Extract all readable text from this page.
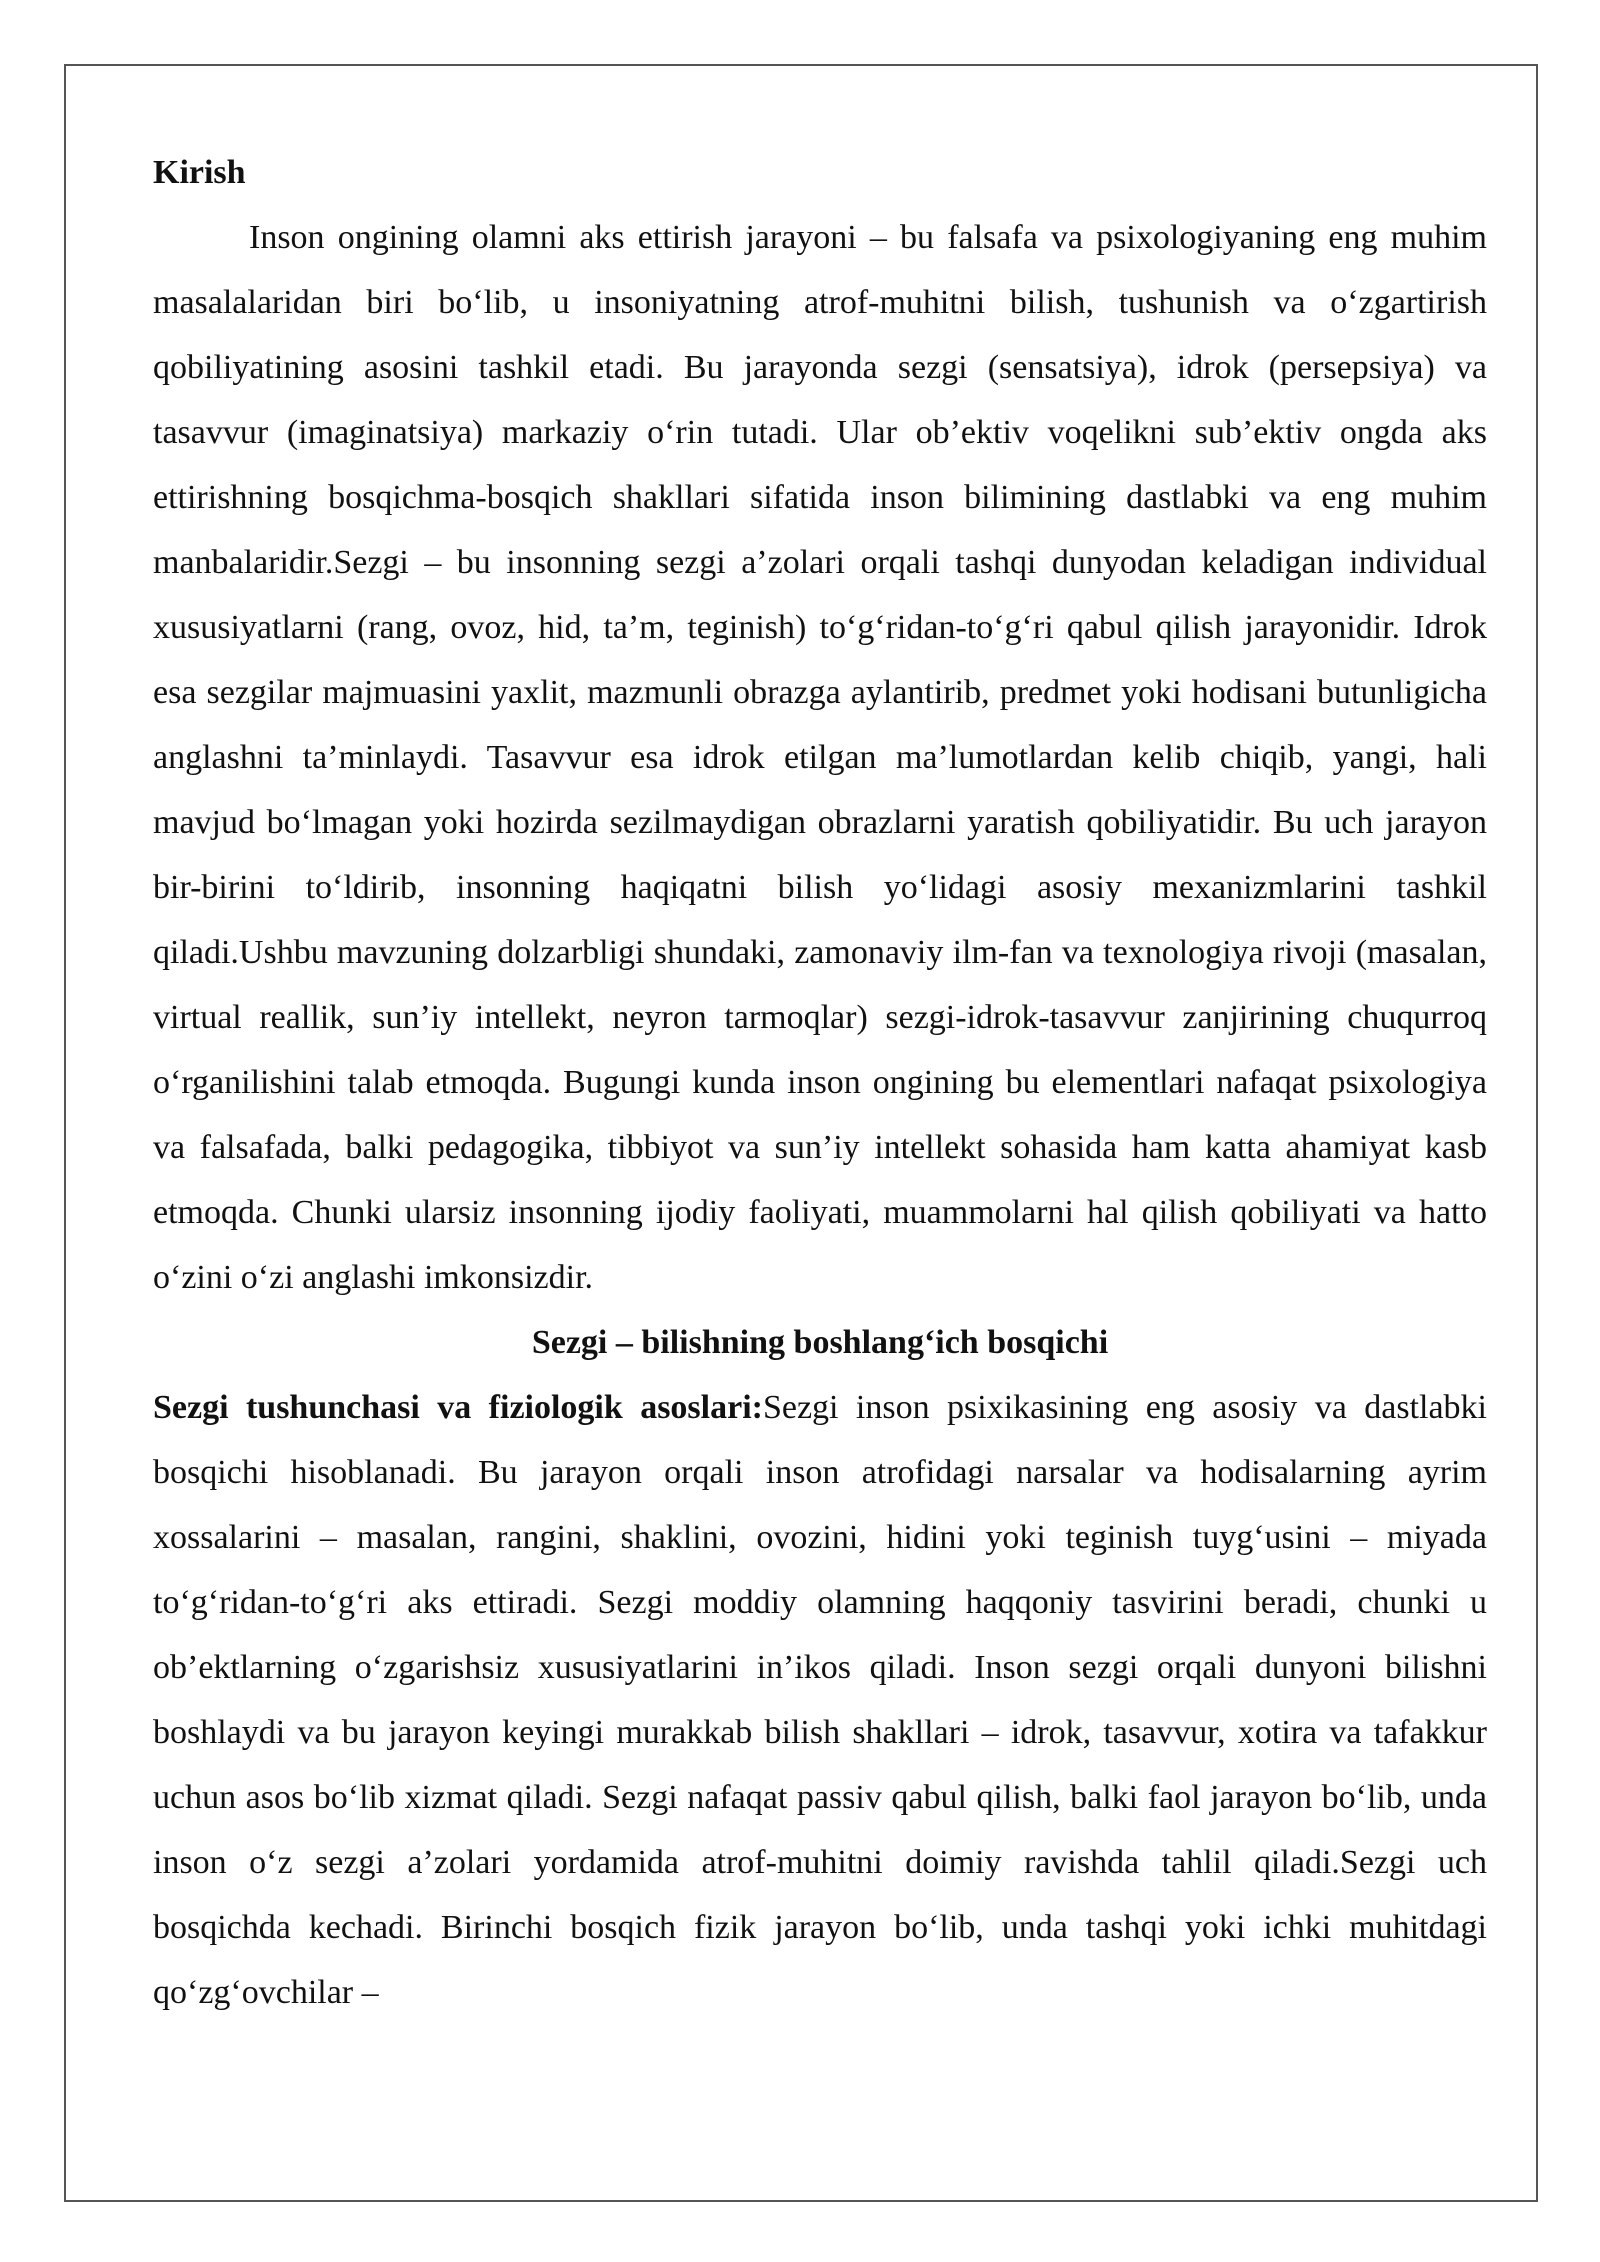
Kirish

Inson ongining olamni aks ettirish jarayoni – bu falsafa va psixologiyaning eng muhim masalalaridan biri bo‘lib, u insoniyatning atrof-muhitni bilish, tushunish va o‘zgartirish qobiliyatining asosini tashkil etadi. Bu jarayonda sezgi (sensatsiya), idrok (persepsiya) va tasavvur (imaginatsiya) markaziy o‘rin tutadi. Ular ob’ektiv voqelikni sub’ektiv ongda aks ettirishning bosqichma-bosqich shakllari sifatida inson bilimining dastlabki va eng muhim manbalaridir.Sezgi – bu insonning sezgi a’zolari orqali tashqi dunyodan keladigan individual xususiyatlarni (rang, ovoz, hid, ta’m, teginish) to‘g‘ridan-to‘g‘ri qabul qilish jarayonidir. Idrok esa sezgilar majmuasini yaxlit, mazmunli obrazga aylantirib, predmet yoki hodisani butunligicha anglashni ta’minlaydi. Tasavvur esa idrok etilgan ma’lumotlardan kelib chiqib, yangi, hali mavjud bo‘lmagan yoki hozirda sezilmaydigan obrazlarni yaratish qobiliyatidir. Bu uch jarayon bir-birini to‘ldirib, insonning haqiqatni bilish yo‘lidagi asosiy mexanizmlarini tashkil qiladi.Ushbu mavzuning dolzarbligi shundaki, zamonaviy ilm-fan va texnologiya rivoji (masalan, virtual reallik, sun’iy intellekt, neyron tarmoqlar) sezgi-idrok-tasavvur zanjirining chuqurroq o‘rganilishini talab etmoqda. Bugungi kunda inson ongining bu elementlari nafaqat psixologiya va falsafada, balki pedagogika, tibbiyot va sun’iy intellekt sohasida ham katta ahamiyat kasb etmoqda. Chunki ularsiz insonning ijodiy faoliyati, muammolarni hal qilish qobiliyati va hatto o‘zini o‘zi anglashi imkonsizdir.

Sezgi – bilishning boshlang‘ich bosqichi

Sezgi tushunchasi va fiziologik asoslari:Sezgi inson psixikasining eng asosiy va dastlabki bosqichi hisoblanadi. Bu jarayon orqali inson atrofidagi narsalar va hodisalarning ayrim xossalarini – masalan, rangini, shaklini, ovozini, hidini yoki teginish tuyg‘usini – miyada to‘g‘ridan-to‘g‘ri aks ettiradi. Sezgi moddiy olamning haqqoniy tasvirini beradi, chunki u ob’ektlarning o‘zgarishsiz xususiyatlarini in’ikos qiladi. Inson sezgi orqali dunyoni bilishni boshlaydi va bu jarayon keyingi murakkab bilish shakllari – idrok, tasavvur, xotira va tafakkur uchun asos bo‘lib xizmat qiladi. Sezgi nafaqat passiv qabul qilish, balki faol jarayon bo‘lib, unda inson o‘z sezgi a’zolari yordamida atrof-muhitni doimiy ravishda tahlil qiladi.Sezgi uch bosqichda kechadi. Birinchi bosqich fizik jarayon bo‘lib, unda tashqi yoki ichki muhitdagi qo‘zg‘ovchilar –
